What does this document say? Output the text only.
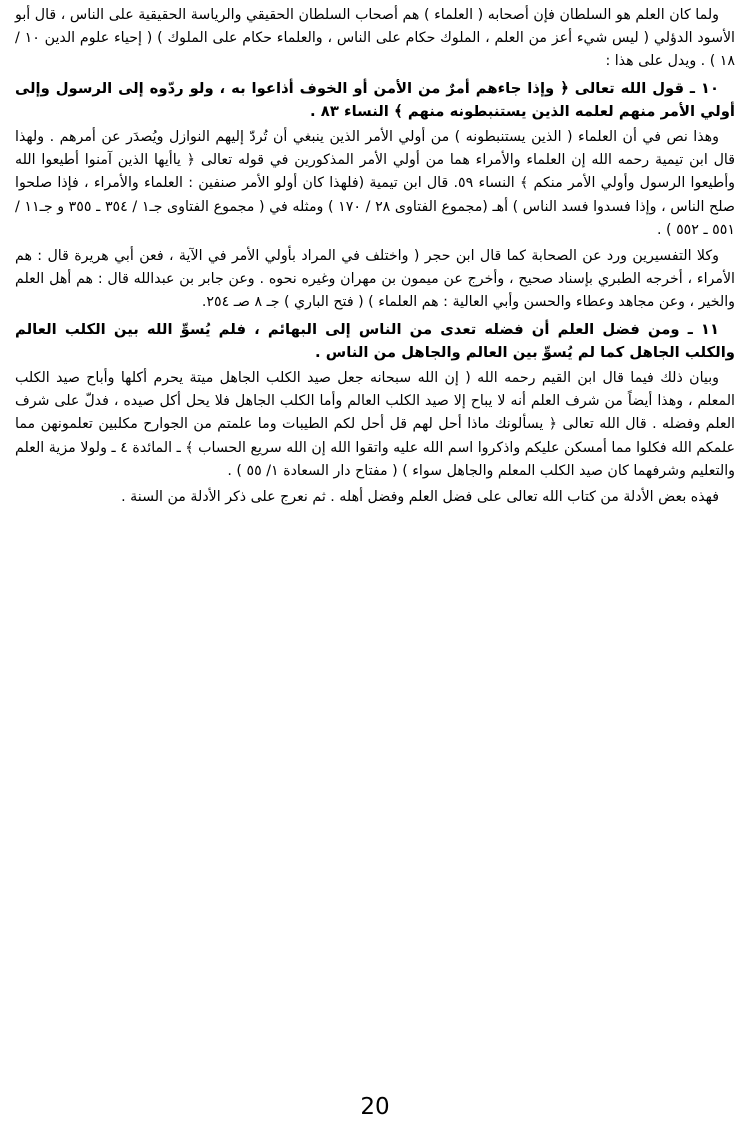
ولما كان العلم هو السلطان فإن أصحابه ( العلماء ) هم أصحاب السلطان الحقيقي والرياسة الحقيقية على الناس ، قال أبو الأسود الدؤلي ( ليس شيء أعز من العلم ، الملوك حكام على الناس ، والعلماء حكام على الملوك ) ( إحياء علوم الدين ١٠ / ١٨ ) . ويدل على هذا :

١٠ ـ قول الله تعالى ﴿ وإذا جاءهم أمرٌ من الأمن أو الخوف أذاعوا به ، ولو ردّوه إلى الرسول وإلى أولي الأمر منهم لعلمه الذين يستنبطونه منهم ﴾ النساء ٨٣ .

وهذا نص في أن العلماء ( الذين يستنبطونه ) من أولي الأمر الذين ينبغي أن تُردّ إليهم النوازل ويُصدَر عن أمرهم . ولهذا قال ابن تيمية رحمه الله إن العلماء والأمراء هما من أولي الأمر المذكورين في قوله تعالى ﴿ ياأيها الذين آمنوا أطيعوا الله وأطيعوا الرسول وأولي الأمر منكم ﴾ النساء ٥٩. قال ابن تيمية (فلهذا كان أولو الأمر صنفين : العلماء والأمراء ، فإذا صلحوا صلح الناس ، وإذا فسدوا فسد الناس ) أهـ (مجموع الفتاوى ٢٨ / ١٧٠ ) ومثله في ( مجموع الفتاوى جـ١ / ٣٥٤ ـ ٣٥٥ و جـ١١ / ٥٥١ ـ ٥٥٢ ) .

وكلا التفسيرين ورد عن الصحابة كما قال ابن حجر ( واختلف في المراد بأولي الأمر في الآية ، فعن أبي هريرة قال : هم الأمراء ، أخرجه الطبري بإسناد صحيح ، وأخرج عن ميمون بن مهران وغيره نحوه . وعن جابر بن عبدالله قال : هم أهل العلم والخير ، وعن مجاهد وعطاء والحسن وأبي العالية : هم العلماء ) ( فتح الباري ) جـ ٨ صـ ٢٥٤.

١١ ـ ومن فضل العلم أن فضله تعدى من الناس إلى البهائم ، فلم يُسوِّ الله بين الكلب العالم والكلب الجاهل كما لم يُسوِّ بين العالم والجاهل من الناس .

وبيان ذلك فيما قال ابن القيم رحمه الله ( إن الله سبحانه جعل صيد الكلب الجاهل ميتة يحرم أكلها وأباح صيد الكلب المعلم ، وهذا أيضاً من شرف العلم أنه لا يباح إلا صيد الكلب العالم وأما الكلب الجاهل فلا يحل أكل صيده ، فدلّ على شرف العلم وفضله . قال الله تعالى ﴿ يسألونك ماذا أحل لهم قل أحل لكم الطيبات وما علمتم من الجوارح مكلبين تعلمونهن مما علمكم الله فكلوا مما أمسكن عليكم واذكروا اسم الله عليه واتقوا الله إن الله سريع الحساب ﴾ ـ المائدة ٤ ـ ولولا مزية العلم والتعليم وشرفهما كان صيد الكلب المعلم والجاهل سواء ) ( مفتاح دار السعادة ١/ ٥٥ ) .

فهذه بعض الأدلة من كتاب الله تعالى على فضل العلم وفضل أهله . ثم نعرج على ذكر الأدلة من السنة .

20
